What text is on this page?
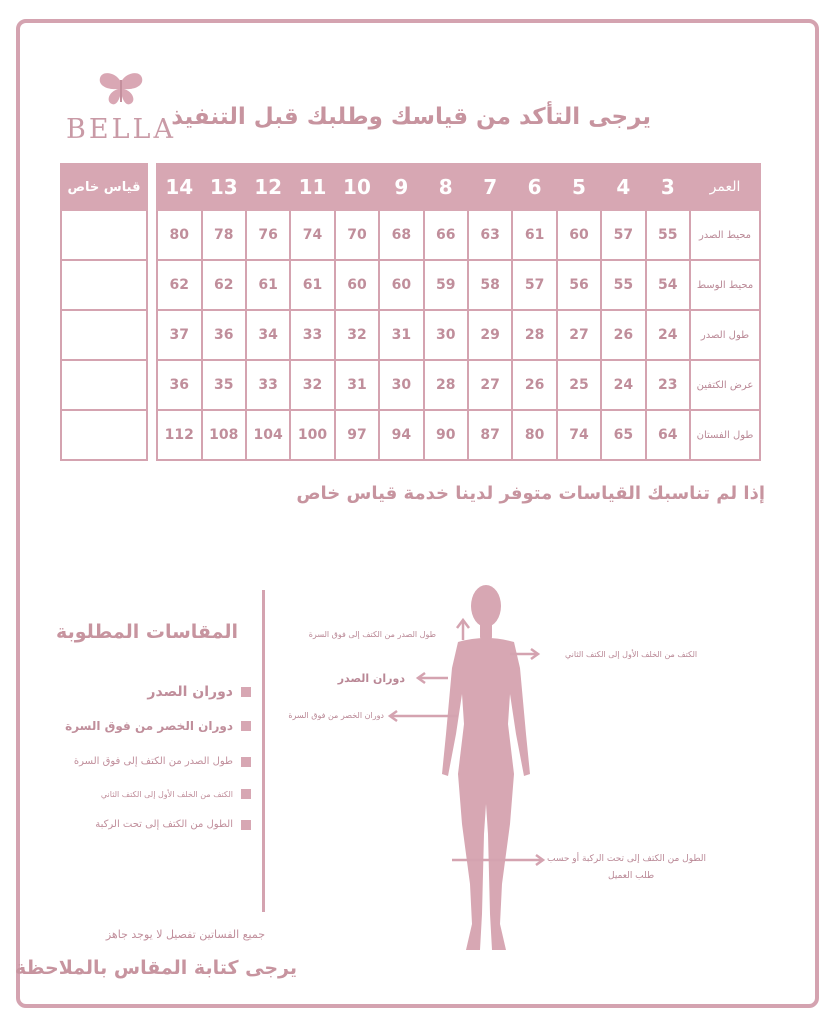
BELLA
يرجى التأكد من قياسك وطلبك قبل التنفيذ
قياس خاص	العمر	3	4	5	6	7	8	9	10	11	12	13	14
محيط الصدر	55	57	60	61	63	66	68	70	74	76	78	80
محيط الوسط	54	55	56	57	58	59	60	60	61	61	62	62
طول الصدر	24	26	27	28	29	30	31	32	33	34	36	37
عرض الكتفين	23	24	25	26	27	28	30	31	32	33	35	36
طول الفستان	64	65	74	80	87	90	94	97	100	104	108	112
إذا لم تناسبك القياسات متوفر لدينا خدمة قياس خاص
المقاسات المطلوبة
دوران الصدر
دوران الخصر من فوق السرة
طول الصدر من الكتف إلى فوق السرة
الكتف من الخلف الأول إلى الكتف الثاني
الطول من الكتف إلى تحت الركبة
جميع الفساتين تفصيل لا يوجد جاهز
يرجى كتابة المقاس بالملاحظة
طول الصدر من الكتف إلى فوق السرة
الكتف من الخلف الأول إلى الكتف الثاني
دوران الصدر
دوران الخصر من فوق السرة
الطول من الكتف إلى تحت الركبة أو حسب
طلب العميل
